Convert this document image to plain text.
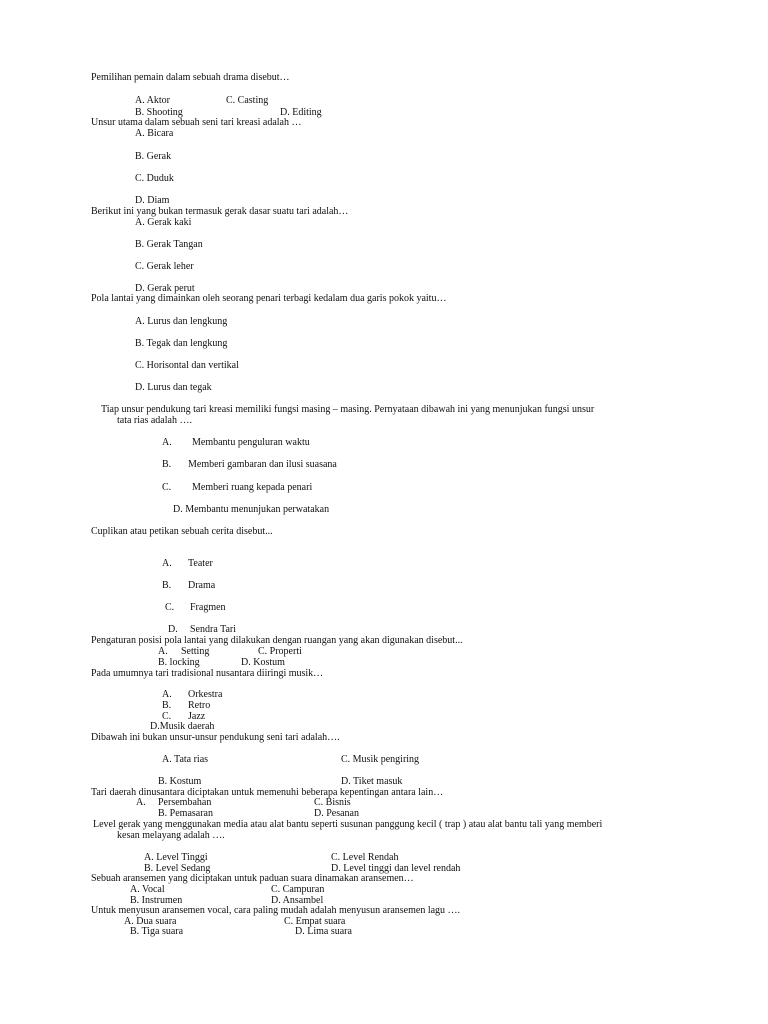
Pemilihan pemain dalam sebuah drama disebut…
A. Aktor	C. Casting
B. Shooting	D. Editing
Unsur utama dalam sebuah seni tari kreasi adalah …
A. Bicara
B. Gerak
C. Duduk
D. Diam
Berikut ini yang bukan termasuk gerak dasar suatu tari adalah…
A. Gerak kaki
B. Gerak Tangan
C. Gerak leher
D. Gerak perut
Pola lantai yang dimainkan oleh seorang penari terbagi kedalam dua garis pokok yaitu…
A. Lurus dan lengkung
B. Tegak dan lengkung
C. Horisontal dan vertikal
D. Lurus dan tegak
Tiap unsur pendukung tari kreasi memiliki fungsi masing – masing. Pernyataan dibawah ini yang menunjukan fungsi unsur
tata rias adalah ….
A. Membantu penguluran waktu
B. Memberi gambaran dan ilusi suasana
C. Memberi ruang kepada penari
D. Membantu menunjukan perwatakan
Cuplikan atau petikan sebuah cerita disebut...
A. Teater
B. Drama
C. Fragmen
D. Sendra Tari
Pengaturan posisi pola lantai yang dilakukan dengan ruangan yang akan digunakan disebut...
A. Setting	C. Properti
B. locking	D. Kostum
Pada umumnya tari tradisional nusantara diiringi musik…
A. Orkestra
B. Retro
C. Jazz
D.Musik daerah
Dibawah ini bukan unsur-unsur pendukung seni tari adalah….
A. Tata rias	C. Musik pengiring
B. Kostum	D. Tiket masuk
Tari daerah dinusantara diciptakan untuk memenuhi beberapa kepentingan antara lain…
A. Persembahan	C. Bisnis
B. Pemasaran	D. Pesanan
Level gerak yang menggunakan media atau alat bantu seperti susunan panggung kecil ( trap ) atau alat bantu tali yang memberi
kesan melayang adalah ….
A. Level Tinggi	C. Level Rendah
B. Level Sedang	D. Level tinggi dan level rendah
Sebuah aransemen yang diciptakan untuk paduan suara dinamakan aransemen…
A. Vocal	C. Campuran
B. Instrumen	D. Ansambel
Untuk menyusun aransemen vocal, cara paling mudah adalah menyusun aransemen lagu ….
A. Dua suara	C. Empat suara
B. Tiga suara	D. Lima suara
